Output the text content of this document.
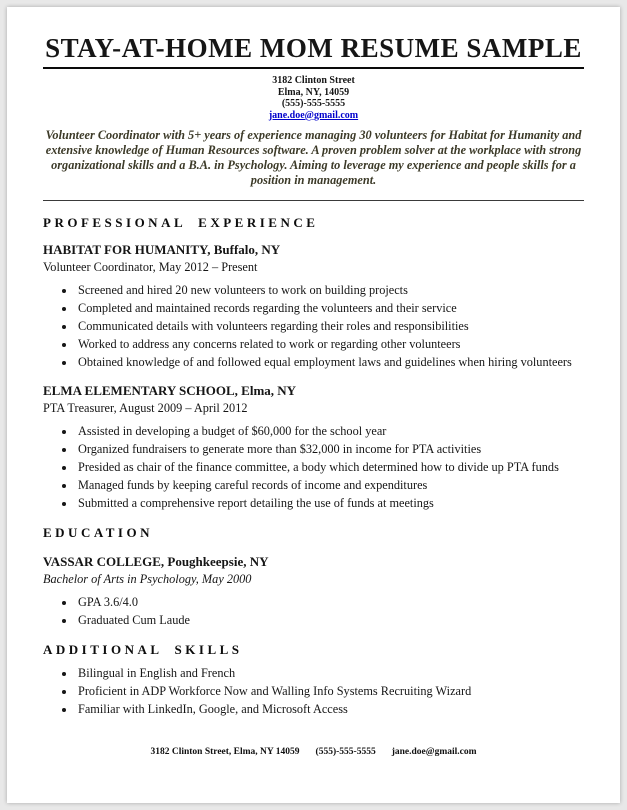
STAY-AT-HOME MOM RESUME SAMPLE
3182 Clinton Street
Elma, NY, 14059
(555)-555-5555
jane.doe@gmail.com

Volunteer Coordinator with 5+ years of experience managing 30 volunteers for Habitat for Humanity and extensive knowledge of Human Resources software. A proven problem solver at the workplace with strong organizational skills and a B.A. in Psychology. Aiming to leverage my experience and people skills for a position in management.

PROFESSIONAL EXPERIENCE
HABITAT FOR HUMANITY, Buffalo, NY
Volunteer Coordinator, May 2012 – Present
• Screened and hired 20 new volunteers to work on building projects
• Completed and maintained records regarding the volunteers and their service
• Communicated details with volunteers regarding their roles and responsibilities
• Worked to address any concerns related to work or regarding other volunteers
• Obtained knowledge of and followed equal employment laws and guidelines when hiring volunteers
ELMA ELEMENTARY SCHOOL, Elma, NY
PTA Treasurer, August 2009 – April 2012
• Assisted in developing a budget of $60,000 for the school year
• Organized fundraisers to generate more than $32,000 in income for PTA activities
• Presided as chair of the finance committee, a body which determined how to divide up PTA funds
• Managed funds by keeping careful records of income and expenditures
• Submitted a comprehensive report detailing the use of funds at meetings
EDUCATION
VASSAR COLLEGE, Poughkeepsie, NY
Bachelor of Arts in Psychology, May 2000
• GPA 3.6/4.0
• Graduated Cum Laude
ADDITIONAL SKILLS
• Bilingual in English and French
• Proficient in ADP Workforce Now and Walling Info Systems Recruiting Wizard
• Familiar with LinkedIn, Google, and Microsoft Access
3182 Clinton Street, Elma, NY 14059 (555)-555-5555 jane.doe@gmail.com
